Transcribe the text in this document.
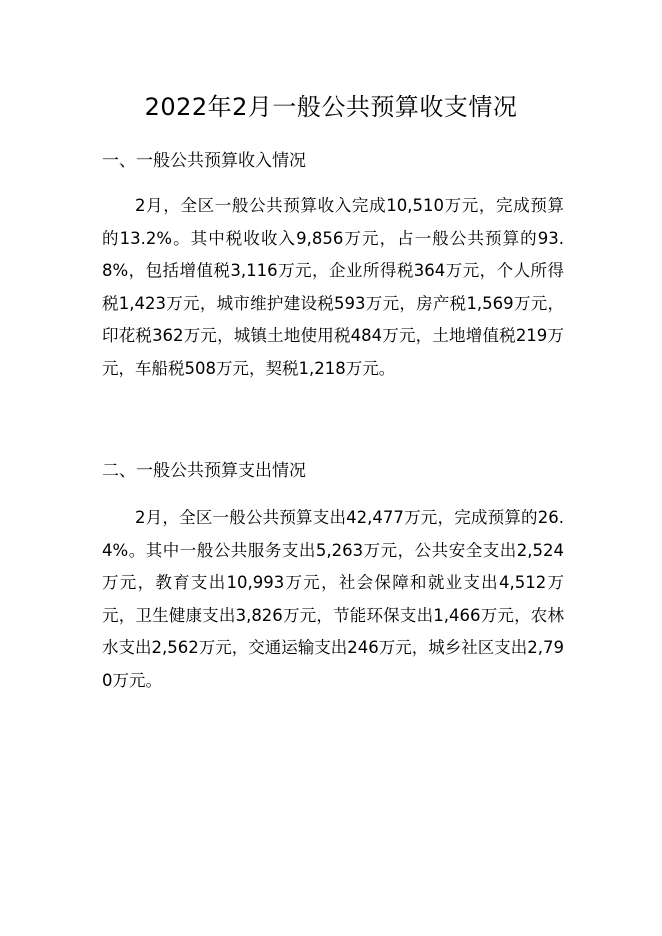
2022年2月一般公共预算收支情况
一、一般公共预算收入情况

2月，全区一般公共预算收入完成10,510万元，完成预算的13.2%。其中税收收入9,856万元，占一般公共预算的93.8%，包括增值税3,116万元，企业所得税364万元，个人所得税1,423万元，城市维护建设税593万元，房产税1,569万元，印花税362万元，城镇土地使用税484万元，土地增值税219万元，车船税508万元，契税1,218万元。

二、一般公共预算支出情况

2月，全区一般公共预算支出42,477万元，完成预算的26.4%。其中一般公共服务支出5,263万元，公共安全支出2,524万元，教育支出10,993万元，社会保障和就业支出4,512万元，卫生健康支出3,826万元，节能环保支出1,466万元，农林水支出2,562万元，交通运输支出246万元，城乡社区支出2,790万元。
